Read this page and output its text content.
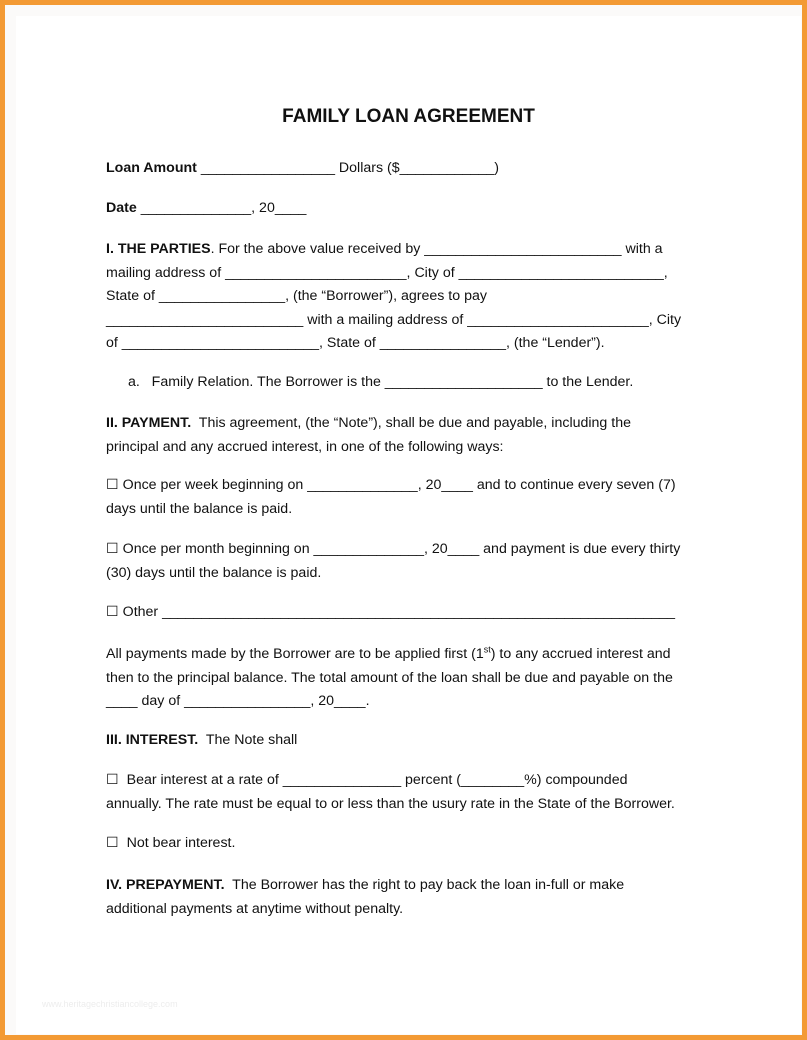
FAMILY LOAN AGREEMENT
Loan Amount _________________ Dollars ($____________)
Date ______________, 20____
I. THE PARTIES. For the above value received by _________________________ with a
mailing address of _______________________, City of __________________________,
State of ________________, (the “Borrower”), agrees to pay
_________________________ with a mailing address of _______________________, City
of _________________________, State of ________________, (the “Lender”).
a.   Family Relation. The Borrower is the ____________________ to the Lender.
II. PAYMENT.  This agreement, (the “Note”), shall be due and payable, including the
principal and any accrued interest, in one of the following ways:
☐ Once per week beginning on ______________, 20____ and to continue every seven (7)
days until the balance is paid.
☐ Once per month beginning on ______________, 20____ and payment is due every thirty
(30) days until the balance is paid.
☐ Other _________________________________________________________________
All payments made by the Borrower are to be applied first (1st) to any accrued interest and
then to the principal balance. The total amount of the loan shall be due and payable on the
____ day of ________________, 20____.
III. INTEREST.  The Note shall
☐  Bear interest at a rate of _______________ percent (________%) compounded
annually. The rate must be equal to or less than the usury rate in the State of the Borrower.
☐  Not bear interest.
IV. PREPAYMENT.  The Borrower has the right to pay back the loan in-full or make
additional payments at anytime without penalty.
www.heritagechristiancollege.com
